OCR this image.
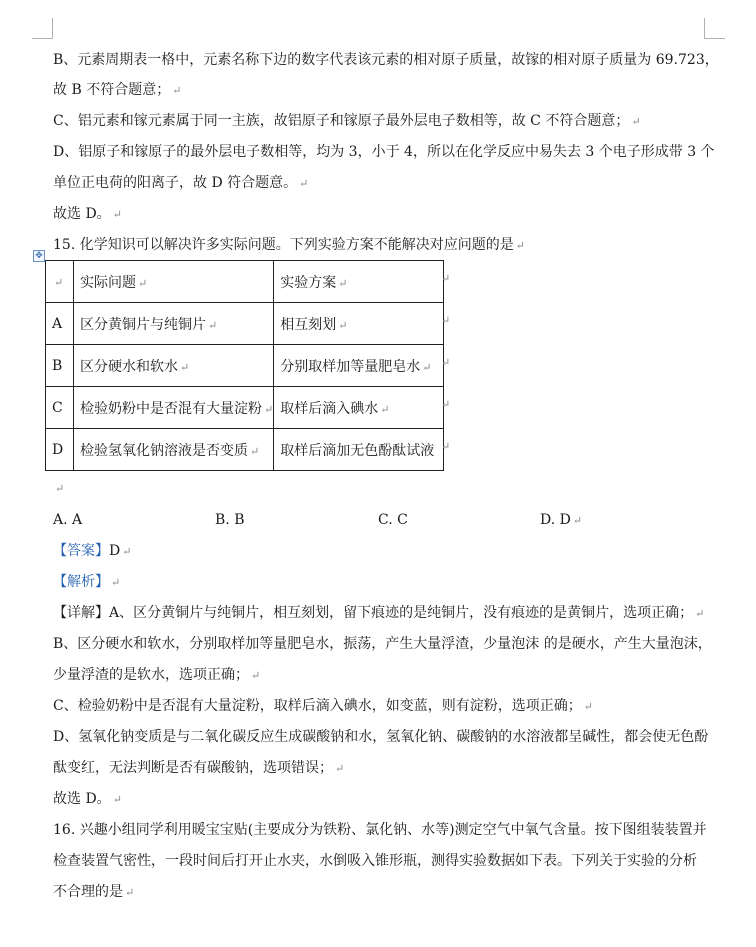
B、元素周期表一格中，元素名称下边的数字代表该元素的相对原子质量，故镓的相对原子质量为 69.723，
故 B 不符合题意； ↵
C、铝元素和镓元素属于同一主族，故铝原子和镓原子最外层电子数相等，故 C 不符合题意； ↵
D、铝原子和镓原子的最外层电子数相等，均为 3，小于 4，所以在化学反应中易失去 3 个电子形成带 3 个
单位正电荷的阳离子，故 D 符合题意。 ↵
故选 D。 ↵
15. 化学知识可以解决许多实际问题。下列实验方案不能解决对应问题的是 ↵
✥
↵	实际问题 ↵	实验方案 ↵
A	区分黄铜片与纯铜片 ↵	相互刻划 ↵
B	区分硬水和软水 ↵	分别取样加等量肥皂水 ↵
C	检验奶粉中是否混有大量淀粉 ↵	取样后滴入碘水 ↵
D	检验氢氧化钠溶液是否变质 ↵	取样后滴加无色酚酞试液
↵
↵
↵
↵
↵
↵
A. A	B. B	C. C	D. D ↵
【答案】D ↵
【解析】 ↵
【详解】A、区分黄铜片与纯铜片，相互刻划，留下痕迹的是纯铜片，没有痕迹的是黄铜片，选项正确； ↵
B、区分硬水和软水，分别取样加等量肥皂水，振荡，产生大量浮渣，少量泡沫 的是硬水，产生大量泡沫，
少量浮渣的是软水，选项正确； ↵
C、检验奶粉中是否混有大量淀粉，取样后滴入碘水，如变蓝，则有淀粉，选项正确； ↵
D、氢氧化钠变质是与二氧化碳反应生成碳酸钠和水，氢氧化钠、碳酸钠的水溶液都呈碱性，都会使无色酚
酞变红，无法判断是否有碳酸钠，选项错误； ↵
故选 D。 ↵
16. 兴趣小组同学利用暖宝宝贴(主要成分为铁粉、氯化钠、水等)测定空气中氧气含量。按下图组装装置并
检查装置气密性，一段时间后打开止水夹，水倒吸入锥形瓶，测得实验数据如下表。下列关于实验的分析
不合理的是 ↵
